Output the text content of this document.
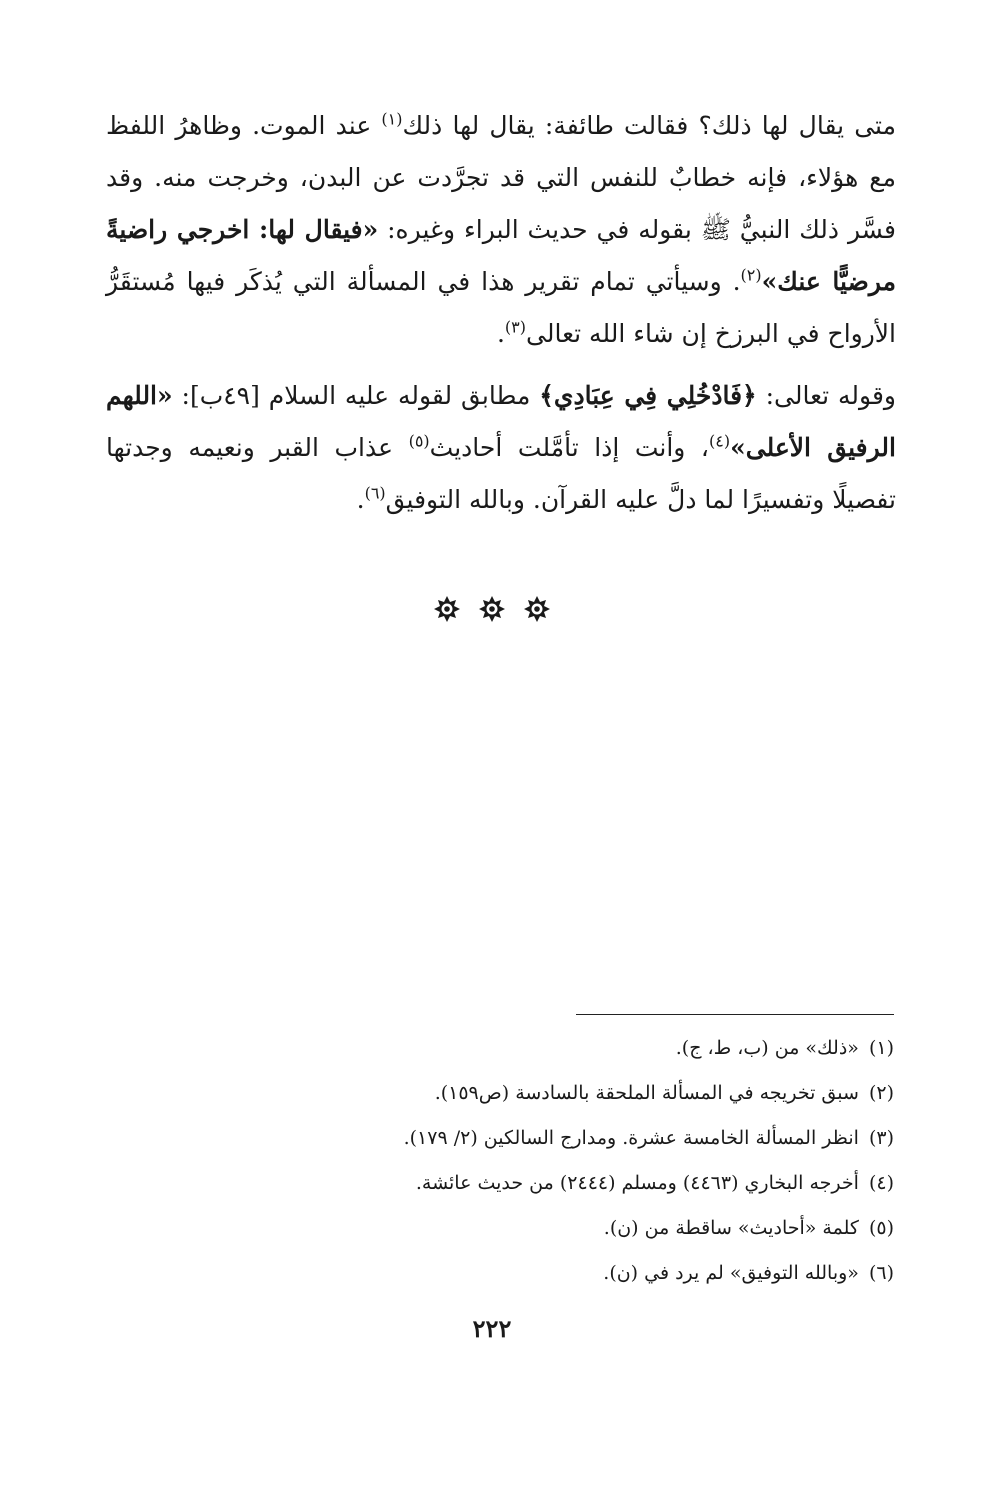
متى يقال لها ذلك؟ فقالت طائفة: يقال لها ذلك$^{(١)}$ عند الموت. وظاهرُ اللفظ مع هؤلاء، فإنه خطابٌ للنفس التي قد تجرَّدت عن البدن، وخرجت منه. وقد فسَّر ذلك النبيُّ ﷺ بقوله في حديث البراء وغيره: «فيقال لها: اخرجي راضيةً مرضيًّا عنك»$^{(٢)}$. وسيأتي تمام تقرير هذا في المسألة التي يُذكَر فيها مُستقَرُّ الأرواح في البرزخ إن شاء الله تعالى$^{(٣)}$.

وقوله تعالى: ﴿فَادْخُلِي فِي عِبَادِي﴾ مطابق لقوله عليه السلام [٤٩ب]: «اللهم الرفيق الأعلى»$^{(٤)}$، وأنت إذا تأمَّلت أحاديث$^{(٥)}$ عذاب القبر ونعيمه وجدتها تفصيلًا وتفسيرًا لما دلَّ عليه القرآن. وبالله التوفيق$^{(٦)}$.

(١)«ذلك» من (ب، ط، ج).
(٢)سبق تخريجه في المسألة الملحقة بالسادسة (ص١٥٩).
(٣)انظر المسألة الخامسة عشرة. ومدارج السالكين (٢/ ١٧٩).
(٤)أخرجه البخاري (٤٤٦٣) ومسلم (٢٤٤٤) من حديث عائشة.
(٥)كلمة «أحاديث» ساقطة من (ن).
(٦)«وبالله التوفيق» لم يرد في (ن).
٢٢٢
